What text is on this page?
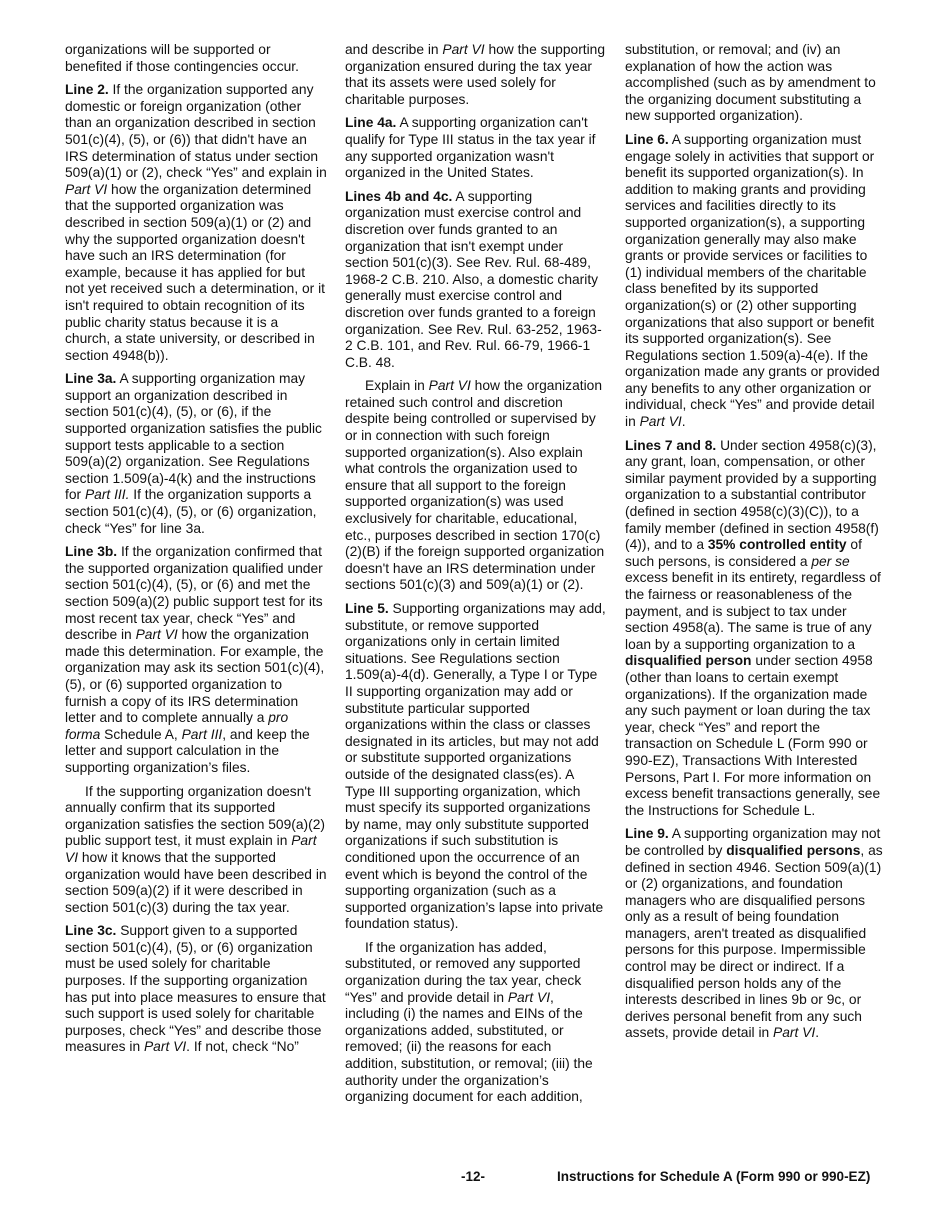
organizations will be supported or benefited if those contingencies occur.

Line 2. If the organization supported any domestic or foreign organization (other than an organization described in section 501(c)(4), (5), or (6)) that didn't have an IRS determination of status under section 509(a)(1) or (2), check “Yes” and explain in Part VI how the organization determined that the supported organization was described in section 509(a)(1) or (2) and why the supported organization doesn't have such an IRS determination (for example, because it has applied for but not yet received such a determination, or it isn't required to obtain recognition of its public charity status because it is a church, a state university, or described in section 4948(b)).

Line 3a. A supporting organization may support an organization described in section 501(c)(4), (5), or (6), if the supported organization satisfies the public support tests applicable to a section 509(a)(2) organization. See Regulations section 1.509(a)-4(k) and the instructions for Part III. If the organization supports a section 501(c)(4), (5), or (6) organization, check “Yes” for line 3a.

Line 3b. If the organization confirmed that the supported organization qualified under section 501(c)(4), (5), or (6) and met the section 509(a)(2) public support test for its most recent tax year, check “Yes” and describe in Part VI how the organization made this determination. For example, the organization may ask its section 501(c)(4), (5), or (6) supported organization to furnish a copy of its IRS determination letter and to complete annually a pro forma Schedule A, Part III, and keep the letter and support calculation in the supporting organization’s files.

If the supporting organization doesn't annually confirm that its supported organization satisfies the section 509(a)(2) public support test, it must explain in Part VI how it knows that the supported organization would have been described in section 509(a)(2) if it were described in section 501(c)(3) during the tax year.

Line 3c. Support given to a supported section 501(c)(4), (5), or (6) organization must be used solely for charitable purposes. If the supporting organization has put into place measures to ensure that such support is used solely for charitable purposes, check “Yes” and describe those measures in Part VI. If not, check “No”

and describe in Part VI how the supporting organization ensured during the tax year that its assets were used solely for charitable purposes.

Line 4a. A supporting organization can't qualify for Type III status in the tax year if any supported organization wasn't organized in the United States.

Lines 4b and 4c. A supporting organization must exercise control and discretion over funds granted to an organization that isn't exempt under section 501(c)(3). See Rev. Rul. 68-489, 1968-2 C.B. 210. Also, a domestic charity generally must exercise control and discretion over funds granted to a foreign organization. See Rev. Rul. 63-252, 1963-2 C.B. 101, and Rev. Rul. 66-79, 1966-1 C.B. 48.

Explain in Part VI how the organization retained such control and discretion despite being controlled or supervised by or in connection with such foreign supported organization(s). Also explain what controls the organization used to ensure that all support to the foreign supported organization(s) was used exclusively for charitable, educational, etc., purposes described in section 170(c)(2)(B) if the foreign supported organization doesn't have an IRS determination under sections 501(c)(3) and 509(a)(1) or (2).

Line 5. Supporting organizations may add, substitute, or remove supported organizations only in certain limited situations. See Regulations section 1.509(a)-4(d). Generally, a Type I or Type II supporting organization may add or substitute particular supported organizations within the class or classes designated in its articles, but may not add or substitute supported organizations outside of the designated class(es). A Type III supporting organization, which must specify its supported organizations by name, may only substitute supported organizations if such substitution is conditioned upon the occurrence of an event which is beyond the control of the supporting organization (such as a supported organization’s lapse into private foundation status).

If the organization has added, substituted, or removed any supported organization during the tax year, check “Yes” and provide detail in Part VI, including (i) the names and EINs of the organizations added, substituted, or removed; (ii) the reasons for each addition, substitution, or removal; (iii) the authority under the organization’s organizing document for each addition,

substitution, or removal; and (iv) an explanation of how the action was accomplished (such as by amendment to the organizing document substituting a new supported organization).

Line 6. A supporting organization must engage solely in activities that support or benefit its supported organization(s). In addition to making grants and providing services and facilities directly to its supported organization(s), a supporting organization generally may also make grants or provide services or facilities to (1) individual members of the charitable class benefited by its supported organization(s) or (2) other supporting organizations that also support or benefit its supported organization(s). See Regulations section 1.509(a)-4(e). If the organization made any grants or provided any benefits to any other organization or individual, check “Yes” and provide detail in Part VI.

Lines 7 and 8. Under section 4958(c)(3), any grant, loan, compensation, or other similar payment provided by a supporting organization to a substantial contributor (defined in section 4958(c)(3)(C)), to a family member (defined in section 4958(f)(4)), and to a 35% controlled entity of such persons, is considered a per se excess benefit in its entirety, regardless of the fairness or reasonableness of the payment, and is subject to tax under section 4958(a). The same is true of any loan by a supporting organization to a disqualified person under section 4958 (other than loans to certain exempt organizations). If the organization made any such payment or loan during the tax year, check “Yes” and report the transaction on Schedule L (Form 990 or 990-EZ), Transactions With Interested Persons, Part I. For more information on excess benefit transactions generally, see the Instructions for Schedule L.

Line 9. A supporting organization may not be controlled by disqualified persons, as defined in section 4946. Section 509(a)(1) or (2) organizations, and foundation managers who are disqualified persons only as a result of being foundation managers, aren't treated as disqualified persons for this purpose. Impermissible control may be direct or indirect. If a disqualified person holds any of the interests described in lines 9b or 9c, or derives personal benefit from any such assets, provide detail in Part VI.

-12-	Instructions for Schedule A (Form 990 or 990-EZ)
